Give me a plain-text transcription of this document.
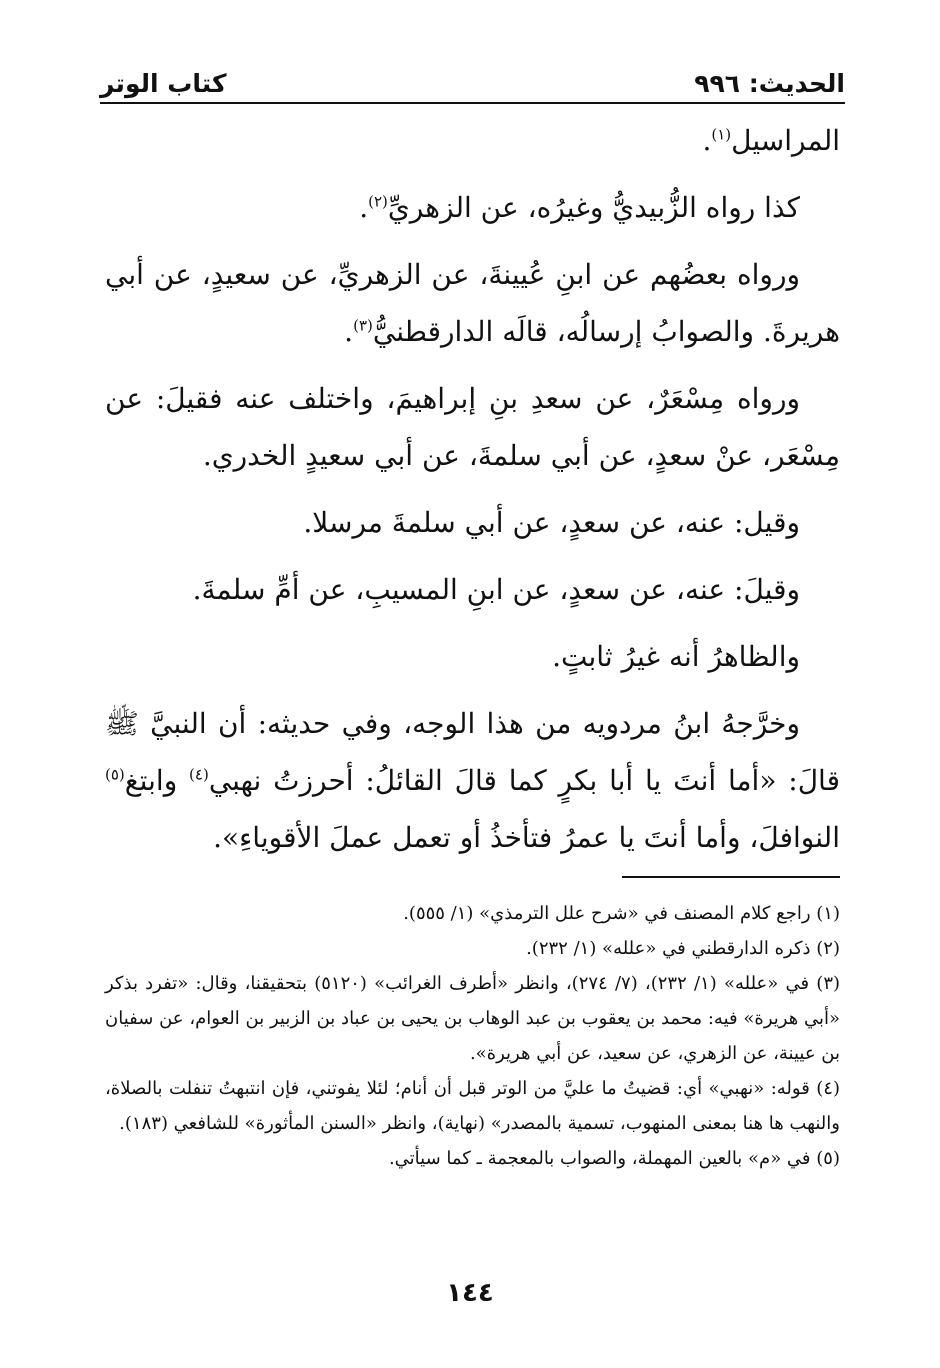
الحديث: ٩٩٦
كتاب الوتر

المراسيل$^{(١)}$.

كذا رواه الزُّبيديُّ وغيرُه، عن الزهريِّ$^{(٢)}$.

ورواه بعضُهم عن ابنِ عُيينةَ، عن الزهريِّ، عن سعيدٍ، عن أبي هريرةَ. والصوابُ إرسالُه، قالَه الدارقطنيُّ$^{(٣)}$.

ورواه مِسْعَرٌ، عن سعدِ بنِ إبراهيمَ، واختلف عنه فقيلَ: عن مِسْعَر، عنْ سعدٍ، عن أبي سلمةَ، عن أبي سعيدٍ الخدري.

وقيل: عنه، عن سعدٍ، عن أبي سلمةَ مرسلا.

وقيلَ: عنه، عن سعدٍ، عن ابنِ المسيبِ، عن أمِّ سلمةَ.

والظاهرُ أنه غيرُ ثابتٍ.

وخرَّجهُ ابنُ مردويه من هذا الوجه، وفي حديثه: أن النبيَّ ﷺ قالَ: «أما أنتَ يا أبا بكرٍ كما قالَ القائلُ: أحرزتُ نهبي$^{(٤)}$ وابتغ$^{(٥)}$ النوافلَ، وأما أنتَ يا عمرُ فتأخذُ أو تعمل عملَ الأقوياءِ».

(١) راجع كلام المصنف في «شرح علل الترمذي» (١/ ٥٥٥).

(٢) ذكره الدارقطني في «علله» (١/ ٢٣٢).

(٣) في «علله» (١/ ٢٣٢)، (٧/ ٢٧٤)، وانظر «أطرف الغرائب» (٥١٢٠) بتحقيقنا، وقال: «تفرد بذكر «أبي هريرة» فيه: محمد بن يعقوب بن عبد الوهاب بن يحيى بن عباد بن الزبير بن العوام، عن سفيان بن عيينة، عن الزهري، عن سعيد، عن أبي هريرة».

(٤) قوله: «نهبي» أي: قضيتُ ما عليَّ من الوتر قبل أن أنام؛ لئلا يفوتني، فإن انتبهتُ تنفلت بالصلاة، والنهب ها هنا بمعنى المنهوب، تسمية بالمصدر» (نهاية)، وانظر «السنن المأثورة» للشافعي (١٨٣).

(٥) في «م» بالعين المهملة، والصواب بالمعجمة ـ كما سيأتي.

١٤٤
